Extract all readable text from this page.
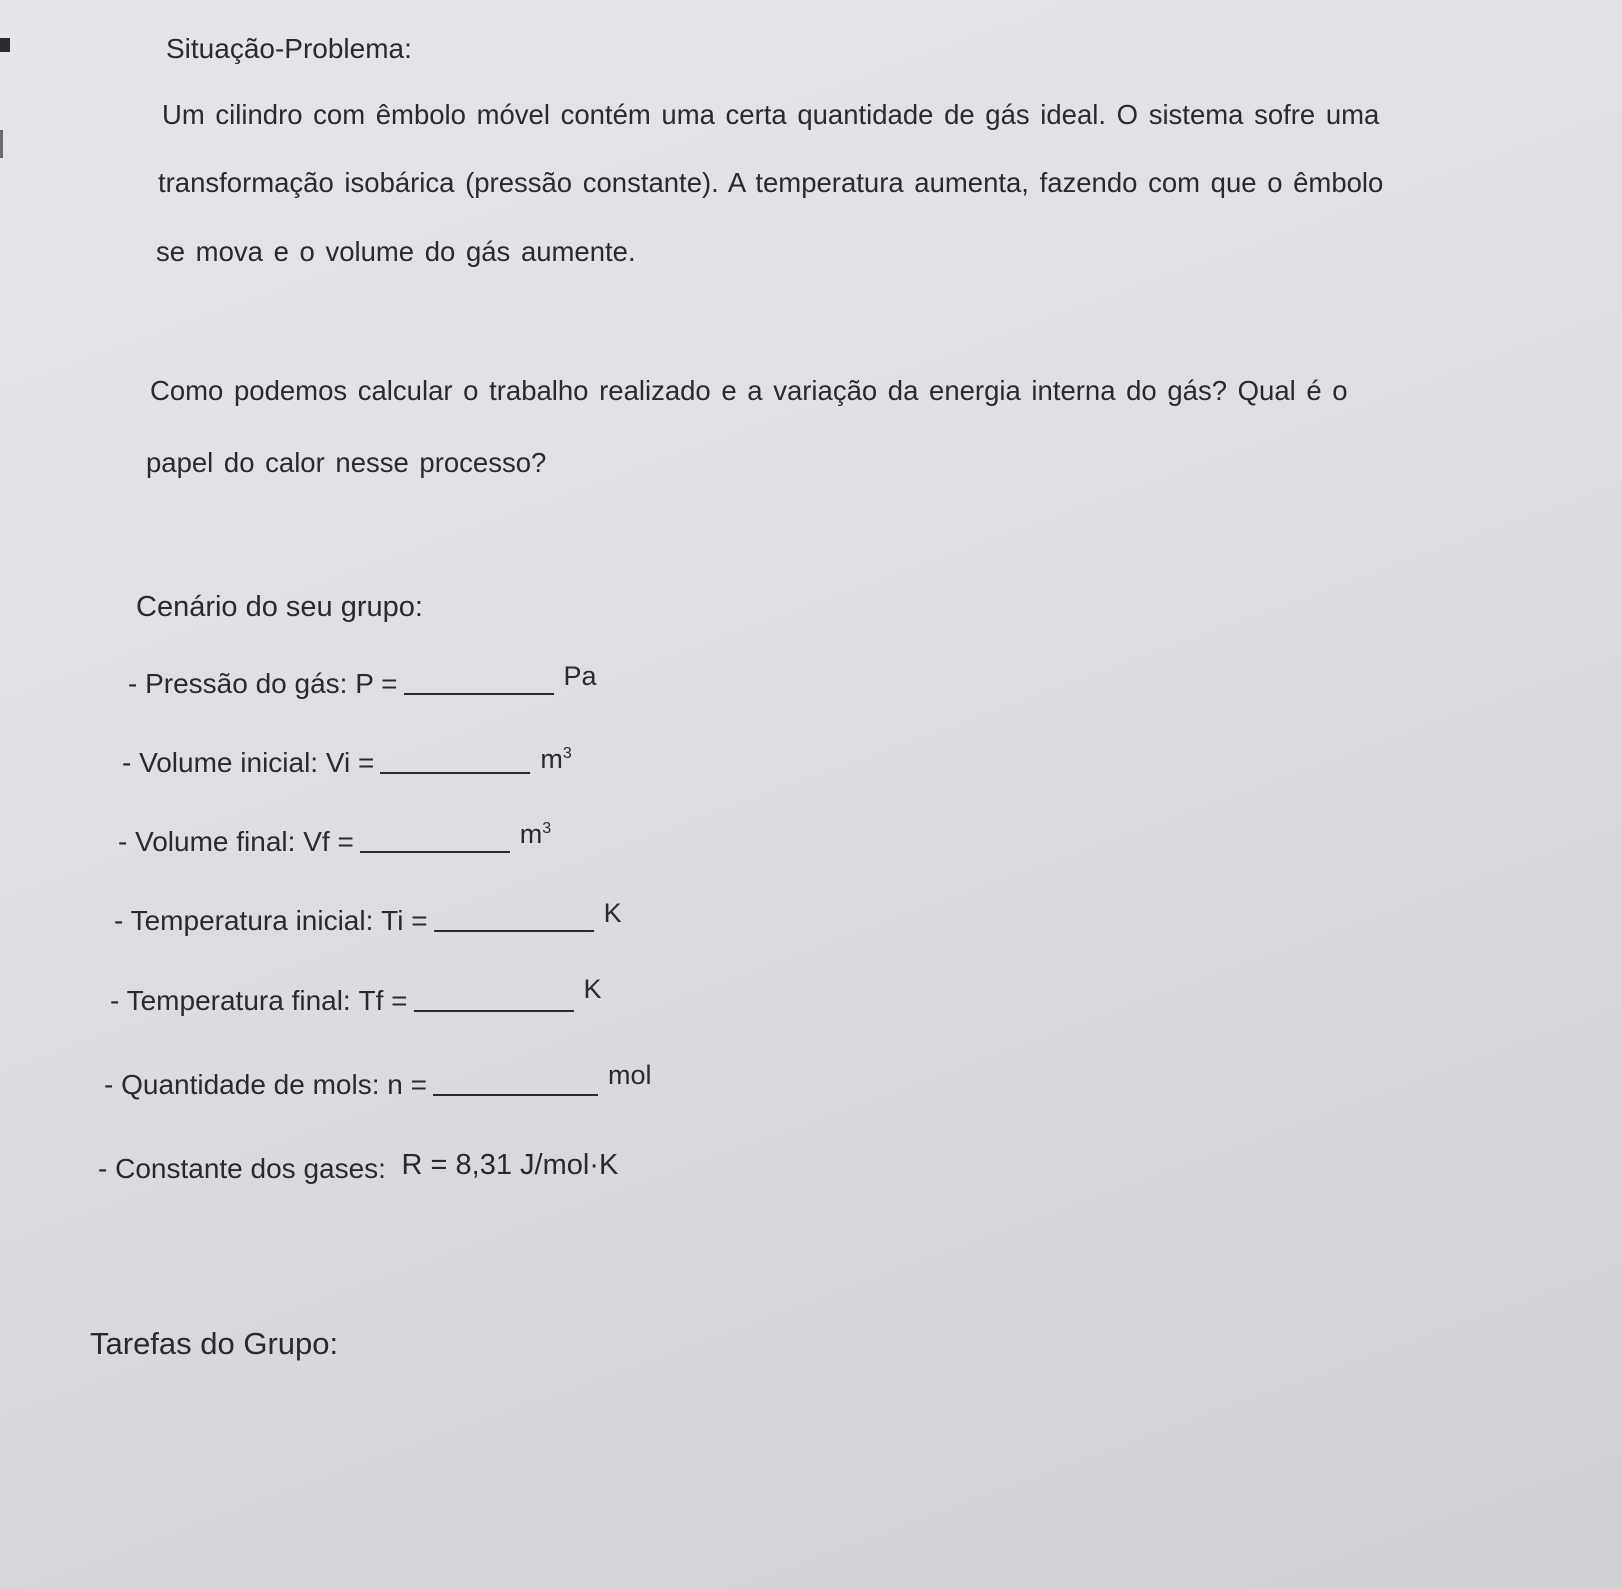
Situação-Problema:
Um cilindro com êmbolo móvel contém uma certa quantidade de gás ideal. O sistema sofre uma
transformação isobárica (pressão constante). A temperatura aumenta, fazendo com que o êmbolo
se mova e o volume do gás aumente.
Como podemos calcular o trabalho realizado e a variação da energia interna do gás? Qual é o
papel do calor nesse processo?
Cenário do seu grupo:
- Pressão do gás:
P =	Pa
- Volume inicial:
Vi =	$m^3$
- Volume final:
Vf =	$m^3$
- Temperatura inicial:
Ti =	K
- Temperatura final:
Tf =	K
- Quantidade de mols:
n =	mol
- Constante dos gases:
R = 8,31 J/mol·K
Tarefas do Grupo:
